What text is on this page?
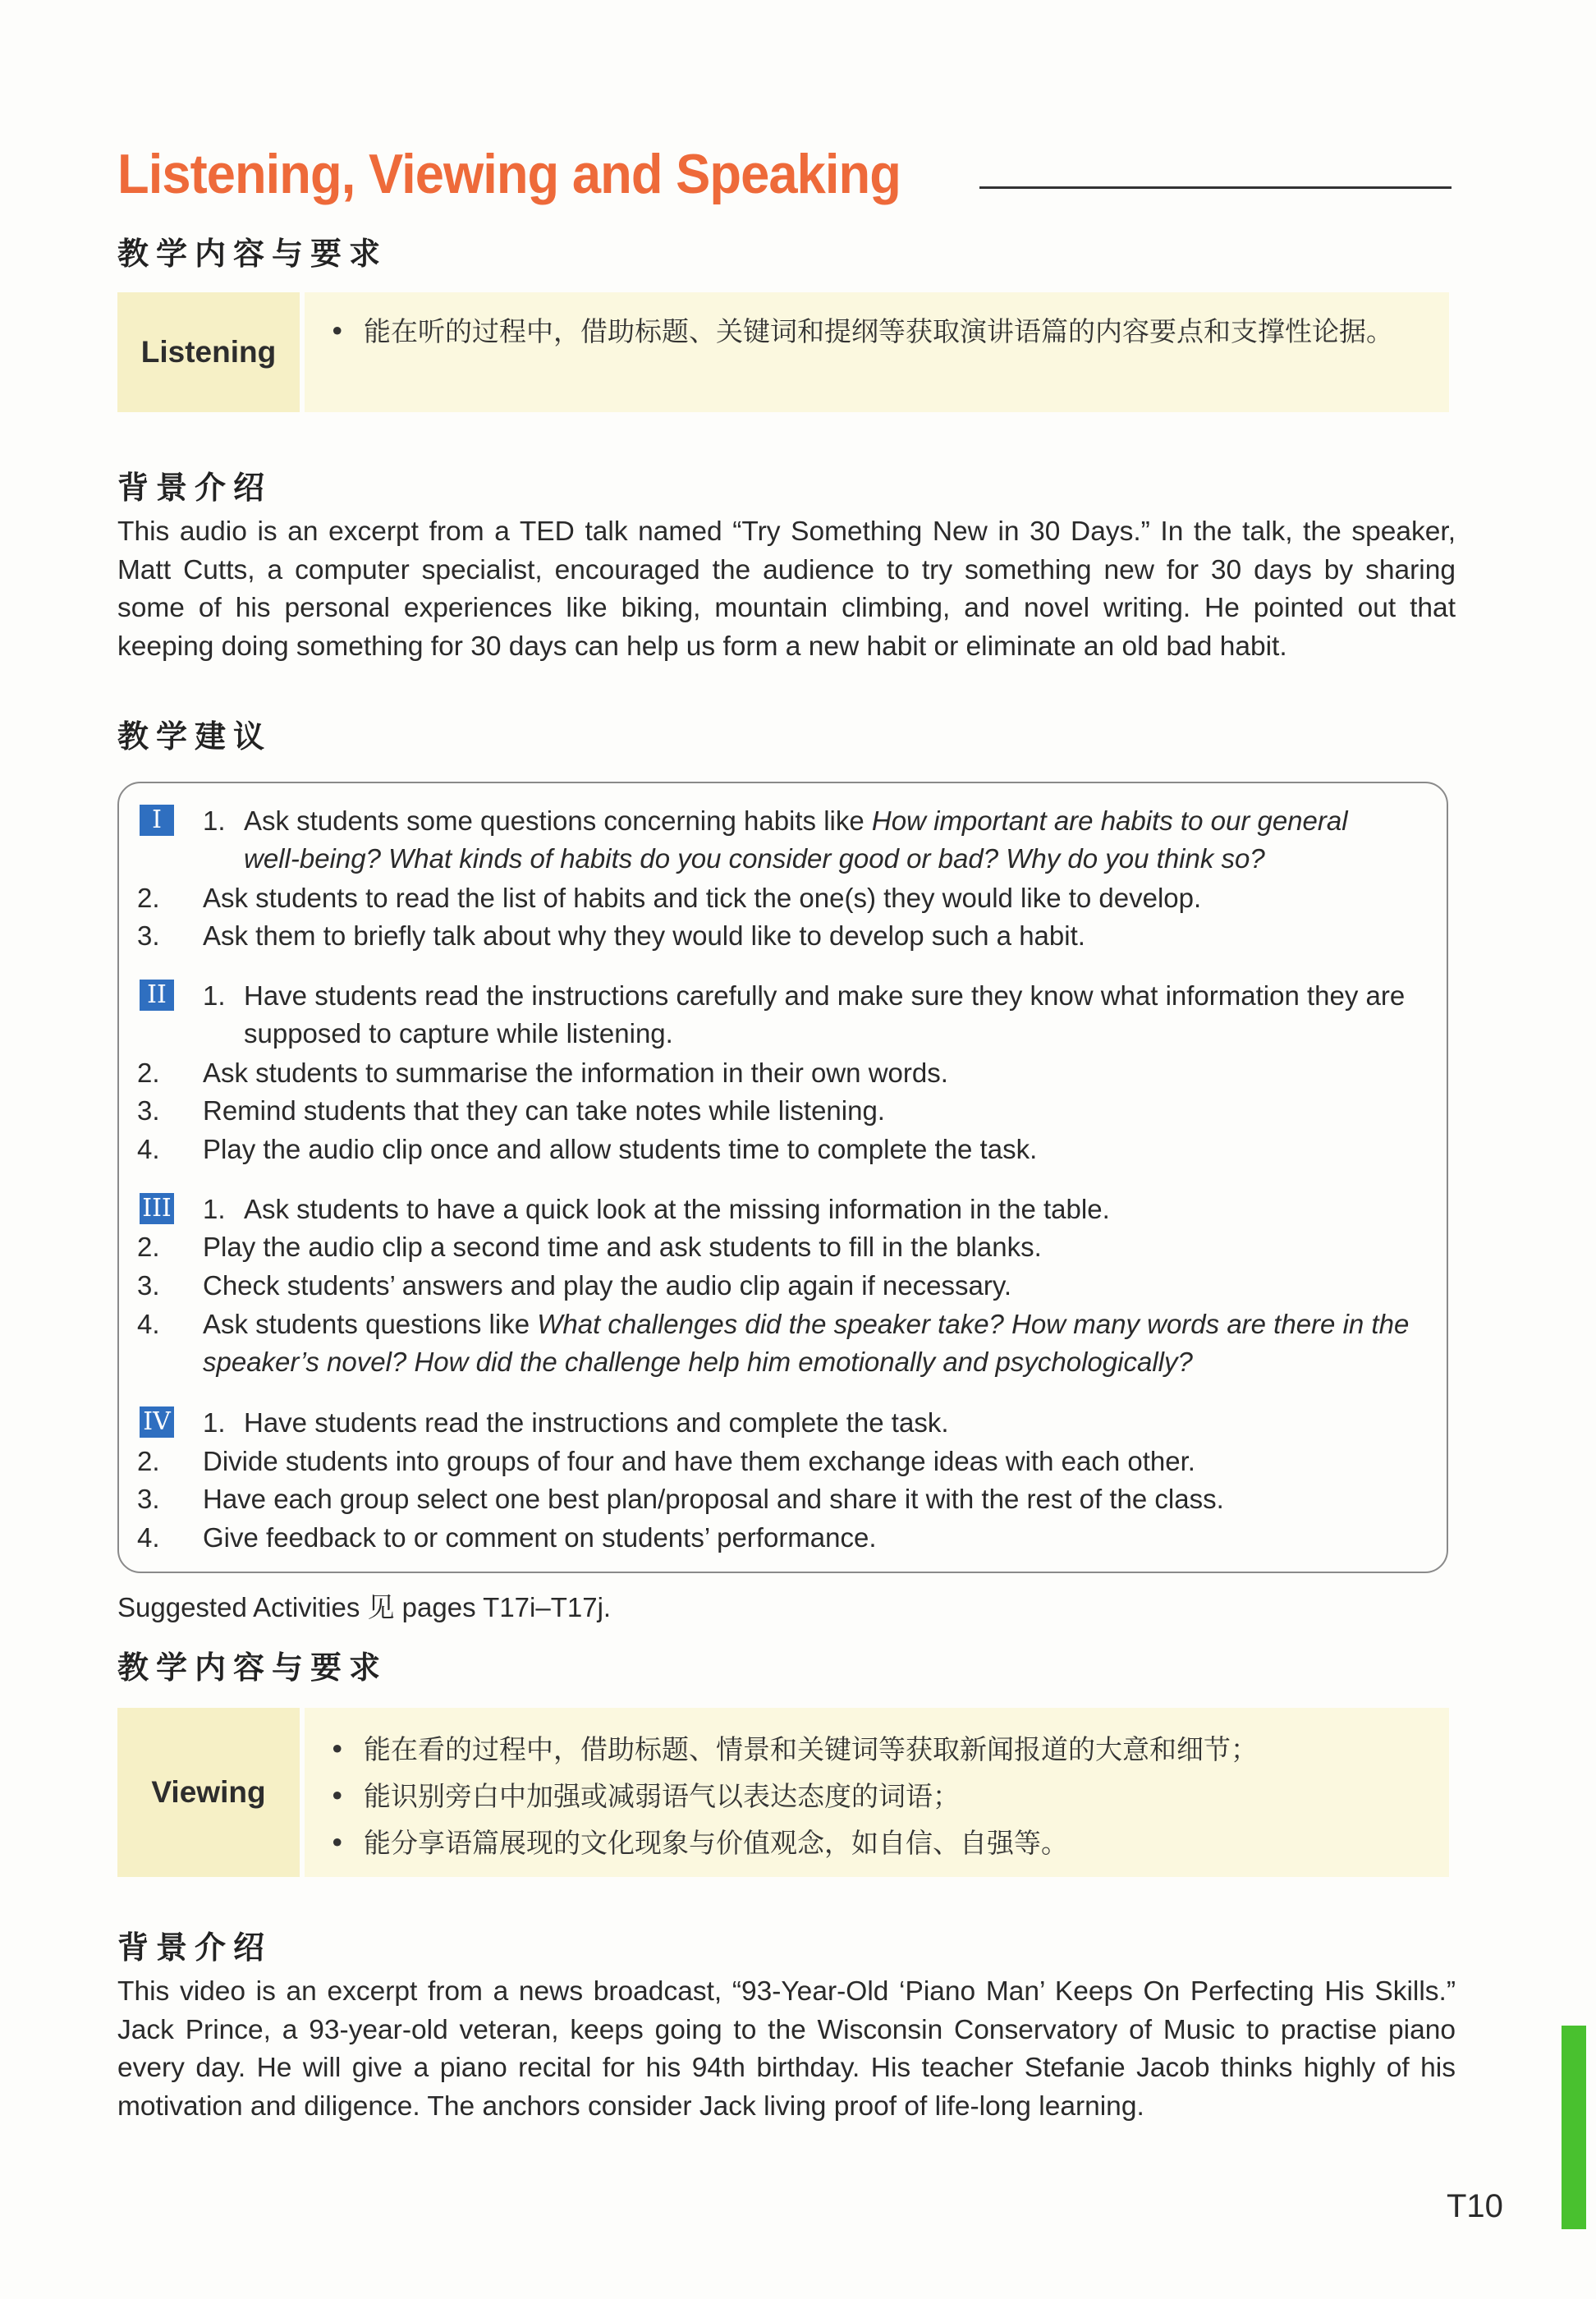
Listening, Viewing and Speaking
教学内容与要求
Listening
• 能在听的过程中，借助标题、关键词和提纲等获取演讲语篇的内容要点和支撑性论据。
背景介绍
This audio is an excerpt from a TED talk named “Try Something New in 30 Days.” In the talk, the speaker, Matt Cutts, a computer specialist, encouraged the audience to try something new for 30 days by sharing some of his personal experiences like biking, mountain climbing, and novel writing. He pointed out that keeping doing something for 30 days can help us form a new habit or eliminate an old bad habit.
教学建议
I	1. Ask students some questions concerning habits like How important are habits to our general well-being? What kinds of habits do you consider good or bad? Why do you think so?
2.	Ask students to read the list of habits and tick the one(s) they would like to develop.
3.	Ask them to briefly talk about why they would like to develop such a habit.
II 1. Have students read the instructions carefully and make sure they know what information they are supposed to capture while listening.
2.	Ask students to summarise the information in their own words.
3.	Remind students that they can take notes while listening.
4.	Play the audio clip once and allow students time to complete the task.
III 1. Ask students to have a quick look at the missing information in the table.
2.	Play the audio clip a second time and ask students to fill in the blanks.
3.	Check students’ answers and play the audio clip again if necessary.
4.	Ask students questions like What challenges did the speaker take? How many words are there in the speaker’s novel? How did the challenge help him emotionally and psychologically?
IV 1. Have students read the instructions and complete the task.
2.	Divide students into groups of four and have them exchange ideas with each other.
3.	Have each group select one best plan/proposal and share it with the rest of the class.
4.	Give feedback to or comment on students’ performance.
Suggested Activities 见 pages T17i–T17j.
教学内容与要求
Viewing
• 能在看的过程中，借助标题、情景和关键词等获取新闻报道的大意和细节；
• 能识别旁白中加强或减弱语气以表达态度的词语；
• 能分享语篇展现的文化现象与价值观念，如自信、自强等。
背景介绍
This video is an excerpt from a news broadcast, “93-Year-Old ‘Piano Man’ Keeps On Perfecting His Skills.” Jack Prince, a 93-year-old veteran, keeps going to the Wisconsin Conservatory of Music to practise piano every day. He will give a piano recital for his 94th birthday. His teacher Stefanie Jacob thinks highly of his motivation and diligence. The anchors consider Jack living proof of life-long learning.
T10
